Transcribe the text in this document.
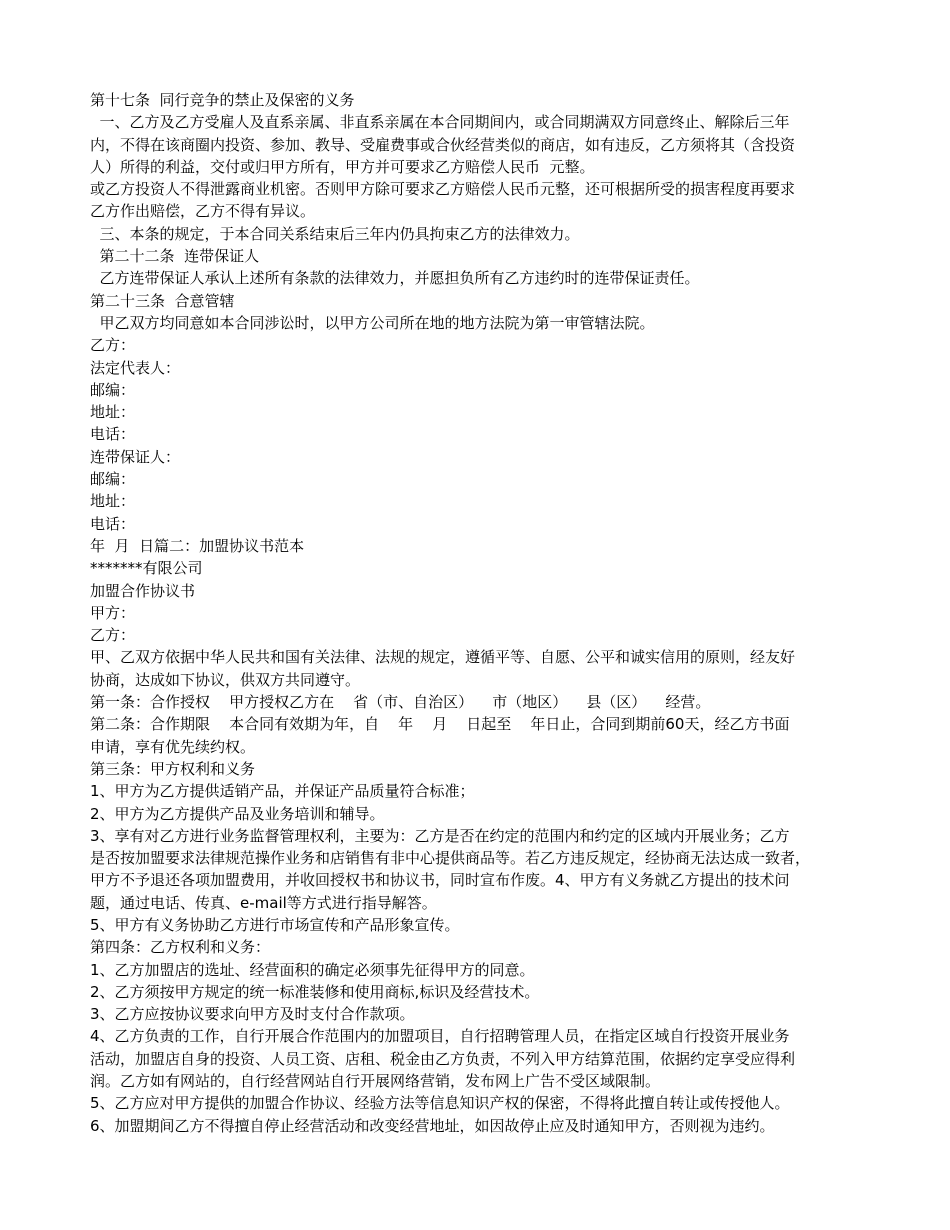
第十七条  同行竞争的禁止及保密的义务

一、乙方及乙方受雇人及直系亲属、非直系亲属在本合同期间内，或合同期满双方同意终止、解除后三年

内，不得在该商圈内投资、参加、教导、受雇费事或合伙经营类似的商店，如有违反，乙方须将其（含投资

人）所得的利益，交付或归甲方所有，甲方并可要求乙方赔偿人民币  元整。

或乙方投资人不得泄露商业机密。否则甲方除可要求乙方赔偿人民币元整，还可根据所受的损害程度再要求

乙方作出赔偿，乙方不得有异议。

三、本条的规定，于本合同关系结束后三年内仍具拘束乙方的法律效力。

第二十二条  连带保证人

乙方连带保证人承认上述所有条款的法律效力，并愿担负所有乙方违约时的连带保证责任。

第二十三条  合意管辖

甲乙双方均同意如本合同涉讼时，以甲方公司所在地的地方法院为第一审管辖法院。

乙方：

法定代表人：

邮编：

地址：

电话：

连带保证人：

邮编：

地址：

电话：

年  月  日篇二：加盟协议书范本

*******有限公司

加盟合作协议书

甲方：

乙方：

甲、乙双方依据中华人民共和国有关法律、法规的规定，遵循平等、自愿、公平和诚实信用的原则，经友好

协商，达成如下协议，供双方共同遵守。

第一条：合作授权    甲方授权乙方在    省（市、自治区）    市（地区）    县（区）    经营。

第二条：合作期限    本合同有效期为年，自    年    月    日起至    年日止，合同到期前60天，经乙方书面

申请，享有优先续约权。

第三条：甲方权利和义务

1、甲方为乙方提供适销产品，并保证产品质量符合标准；

2、甲方为乙方提供产品及业务培训和辅导。

3、享有对乙方进行业务监督管理权利，主要为：乙方是否在约定的范围内和约定的区域内开展业务；乙方

是否按加盟要求法律规范操作业务和店销售有非中心提供商品等。若乙方违反规定，经协商无法达成一致者，

甲方不予退还各项加盟费用，并收回授权书和协议书，同时宣布作废。4、甲方有义务就乙方提出的技术问

题，通过电话、传真、e-mail等方式进行指导解答。

5、甲方有义务协助乙方进行市场宣传和产品形象宣传。

第四条：乙方权利和义务：

1、乙方加盟店的选址、经营面积的确定必须事先征得甲方的同意。

2、乙方须按甲方规定的统一标准装修和使用商标,标识及经营技术。

3、乙方应按协议要求向甲方及时支付合作款项。

4、乙方负责的工作，自行开展合作范围内的加盟项目，自行招聘管理人员，在指定区域自行投资开展业务

活动，加盟店自身的投资、人员工资、店租、税金由乙方负责，不列入甲方结算范围，依据约定享受应得利

润。乙方如有网站的，自行经营网站自行开展网络营销，发布网上广告不受区域限制。

5、乙方应对甲方提供的加盟合作协议、经验方法等信息知识产权的保密，不得将此擅自转让或传授他人。

6、加盟期间乙方不得擅自停止经营活动和改变经营地址，如因故停止应及时通知甲方，否则视为违约。
